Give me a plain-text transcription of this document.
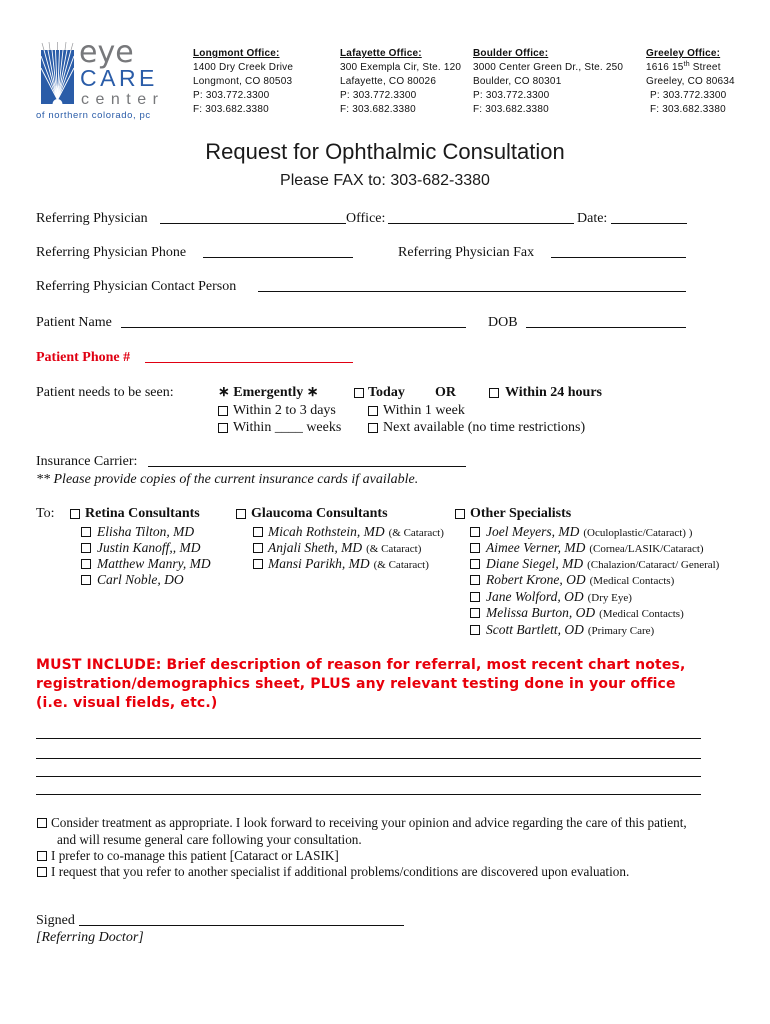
eye
CARE
center
of northern colorado, pc
Longmont Office:
1400 Dry Creek Drive
Longmont, CO 80503
P: 303.772.3300
F: 303.682.3380
Lafayette Office:
300 Exempla Cir, Ste. 120
Lafayette, CO 80026
P: 303.772.3300
F: 303.682.3380
Boulder Office:
3000 Center Green Dr., Ste. 250
Boulder, CO 80301
P: 303.772.3300
F: 303.682.3380
Greeley Office:
1616 15th Street
Greeley, CO 80634
P: 303.772.3300
F: 303.682.3380
Request for Ophthalmic Consultation
Please FAX to: 303-682-3380
Referring Physician	Office:	Date:
Referring Physician Phone	Referring Physician Fax
Referring Physician Contact Person
Patient Name	DOB
Patient Phone #
Patient needs to be seen:	∗ Emergently ∗	Today OR	Within 24 hours
Within 2 to 3 days	Within 1 week
Within ____ weeks	Next available (no time restrictions)
Insurance Carrier:
** Please provide copies of the current insurance cards if available.
To: Retina Consultants	Glaucoma Consultants	Other Specialists
Elisha Tilton, MD
Justin Kanoff,, MD
Matthew Manry, MD
Carl Noble, DO
Micah Rothstein, MD (& Cataract)
Anjali Sheth, MD (& Cataract)
Mansi Parikh, MD (& Cataract)
Joel Meyers, MD (Oculoplastic/Cataract) )
Aimee Verner, MD (Cornea/LASIK/Cataract)
Diane Siegel, MD (Chalazion/Cataract/ General)
Robert Krone, OD (Medical Contacts)
Jane Wolford, OD (Dry Eye)
Melissa Burton, OD (Medical Contacts)
Scott Bartlett, OD (Primary Care)
MUST INCLUDE: Brief description of reason for referral, most recent chart notes,
registration/demographics sheet, PLUS any relevant testing done in your office
(i.e. visual fields, etc.)
Consider treatment as appropriate. I look forward to receiving your opinion and advice regarding the care of this patient,
and will resume general care following your consultation.
I prefer to co-manage this patient [Cataract or LASIK]
I request that you refer to another specialist if additional problems/conditions are discovered upon evaluation.
Signed
[Referring Doctor]
